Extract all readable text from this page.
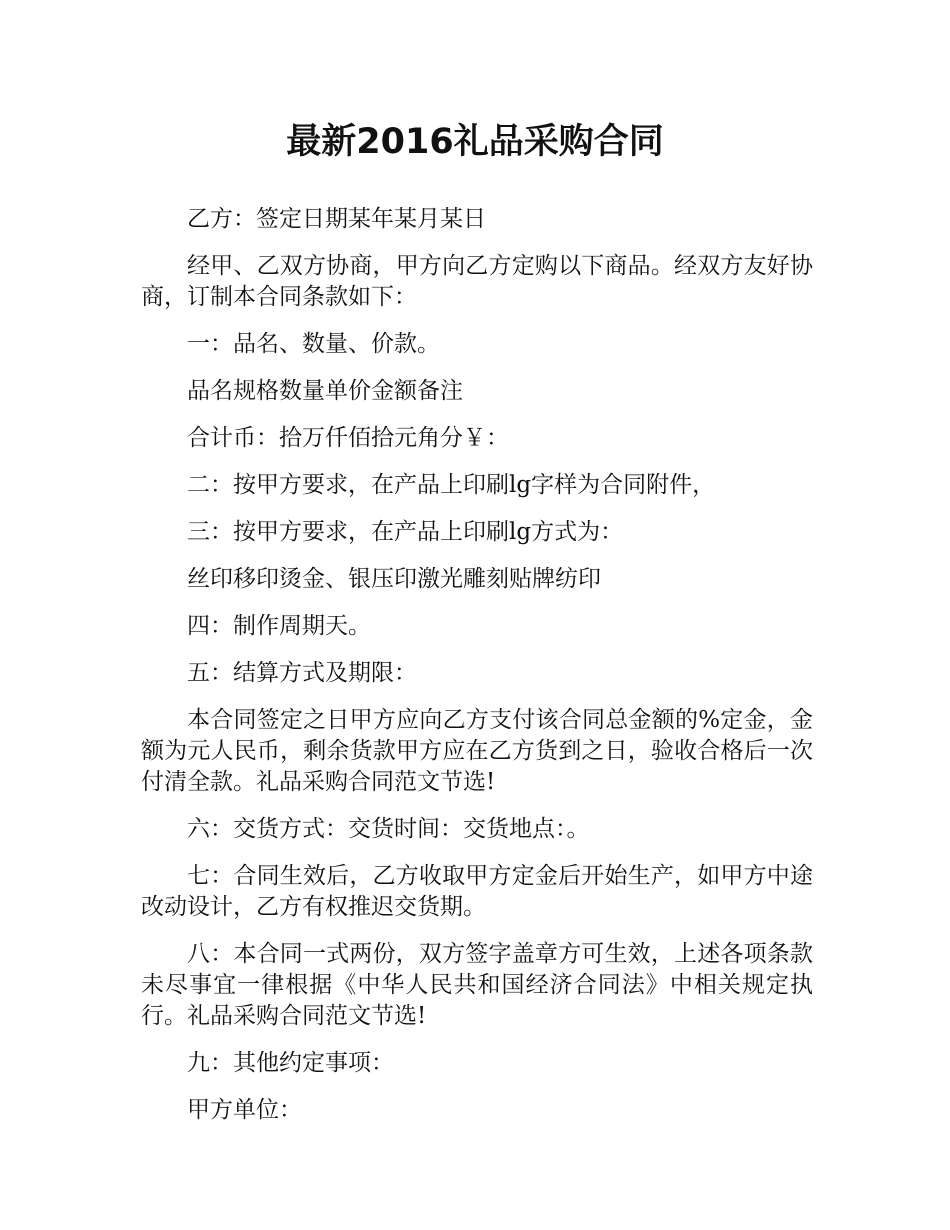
最新2016礼品采购合同

乙方：签定日期某年某月某日

经甲、乙双方协商，甲方向乙方定购以下商品。经双方友好协商，订制本合同条款如下：

一：品名、数量、价款。

品名规格数量单价金额备注

合计币：拾万仟佰拾元角分￥：

二：按甲方要求，在产品上印刷lg字样为合同附件，

三：按甲方要求，在产品上印刷lg方式为：

丝印移印烫金、银压印激光雕刻贴牌纺印

四：制作周期天。

五：结算方式及期限：

本合同签定之日甲方应向乙方支付该合同总金额的%定金，金额为元人民币，剩余货款甲方应在乙方货到之日，验收合格后一次付清全款。礼品采购合同范文节选!

六：交货方式：交货时间：交货地点：。

七：合同生效后，乙方收取甲方定金后开始生产，如甲方中途改动设计，乙方有权推迟交货期。

八：本合同一式两份，双方签字盖章方可生效，上述各项条款未尽事宜一律根据《中华人民共和国经济合同法》中相关规定执行。礼品采购合同范文节选!

九：其他约定事项：

甲方单位：
